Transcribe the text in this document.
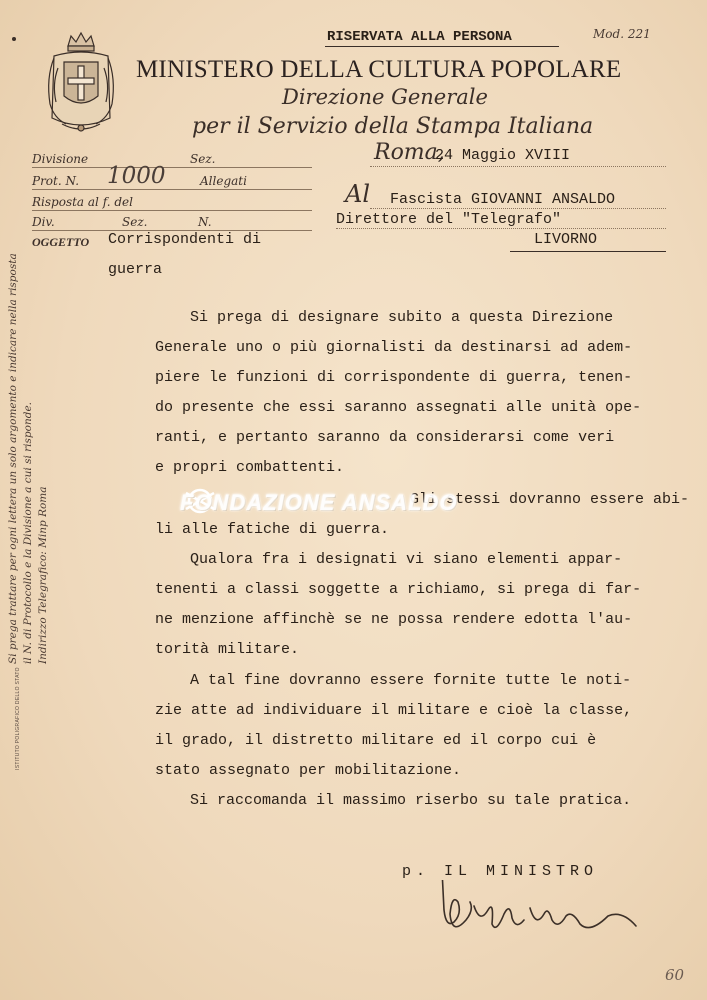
Mod. 221
RISERVATA ALLA PERSONA
MINISTERO DELLA CULTURA POPOLARE
Direzione Generale
per il Servizio della Stampa Italiana
Divisione	Sez.
Prot. N. 1000	Allegati
Risposta al f. del
Div.	Sez.	N.
OGGETTO Corrispondenti di
guerra
Roma,
24 Maggio XVIII
Al Fascista GIOVANNI ANSALDO
Direttore del "Telegrafo"
LIVORNO
Si prega di designare subito a questa Direzione
Generale uno o più giornalisti da destinarsi ad adem-
piere le funzioni di corrispondente di guerra, tenen-
do presente che essi saranno assegnati alle unità ope-
ranti, e pertanto saranno da considerarsi come veri
e propri combattenti.
Gli stessi dovranno essere abi-
li alle fatiche di guerra.
Qualora fra i designati vi siano elementi appar-
tenenti a classi soggette a richiamo, si prega di far-
ne menzione affinchè se ne possa rendere edotta l'au-
torità militare.
A tal fine dovranno essere fornite tutte le noti-
zie atte ad individuare il militare e cioè la classe,
il grado, il distretto militare ed il corpo cui è
stato assegnato per mobilitazione.
Si raccomanda il massimo riserbo su tale pratica.
FONDAZIONE ANSALDO
p. IL MINISTRO
Si prega trattare per ogni lettera un solo argomento e indicare nella risposta il N. di Protocollo e la Divisione a cui si risponde. Indirizzo Telegrafico: Minp Roma
ISTITUTO POLIGRAFICO DELLO STATO
60
